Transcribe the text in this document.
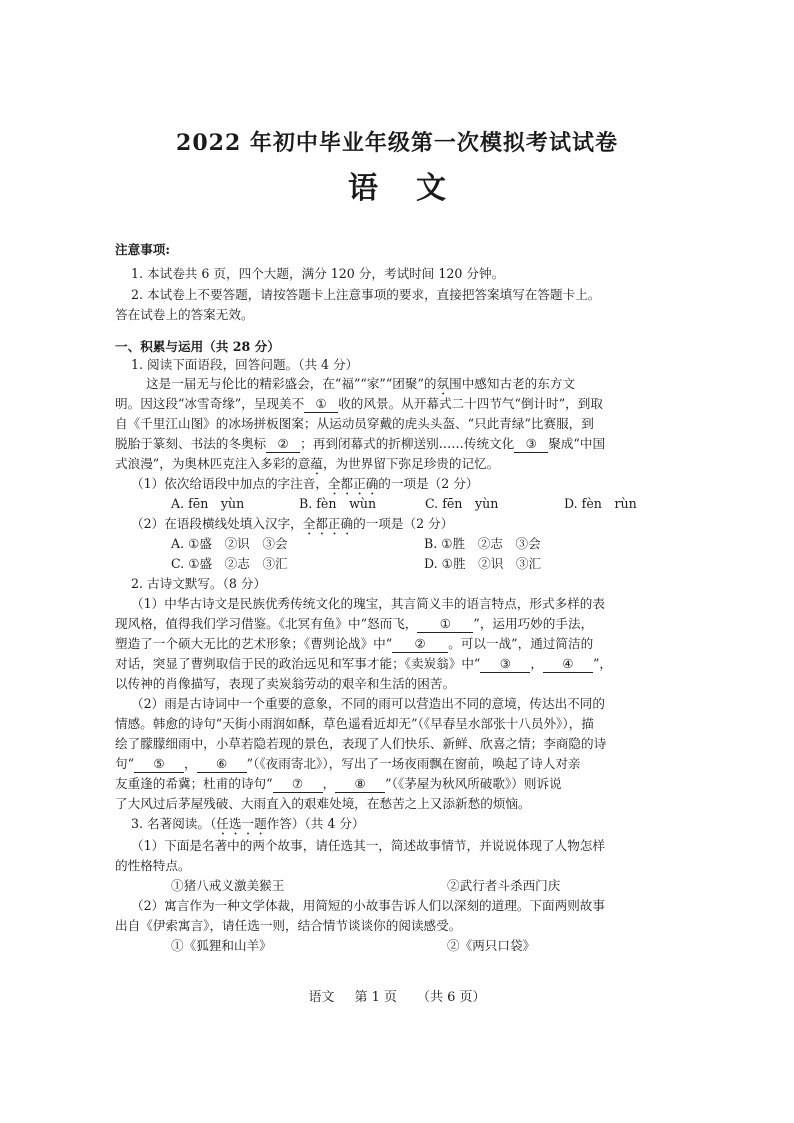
2022 年初中毕业年级第一次模拟考试试卷
语文
注意事项:
1. 本试卷共 6 页，四个大题，满分 120 分，考试时间 120 分钟。
2. 本试卷上不要答题，请按答题卡上注意事项的要求，直接把答案填写在答题卡上。
答在试卷上的答案无效。
一、积累与运用（共 28 分）
1. 阅读下面语段，回答问题。（共 4 分）
这是一届无与伦比的精彩盛会，在“福”“家”“团聚”的氛围中感知古老的东方文
明。因这段“冰雪奇缘”，呈现美不 ① 收的风景。从开幕式二十四节气“倒计时”，到取
自《千里江山图》的冰场拼板图案；从运动员穿戴的虎头头盔、“只此青绿”比赛服，到
脱胎于篆刻、书法的冬奥标 ② ；再到闭幕式的折柳送别……传统文化 ③ 聚成“中国
式浪漫”，为奥林匹克注入多彩的意蕴，为世界留下弥足珍贵的记忆。
（1）依次给语段中加点的字注音，全都正确的一项是（2 分）
A. fēn　yùn	B. fèn　wùn	C. fēn　yùn	D. fèn　rùn
（2）在语段横线处填入汉字，全都正确的一项是（2 分）
A. ①盛　②识　③会	B. ①胜　②志　③会
C. ①盛　②志　③汇	D. ①胜　②识　③汇
2. 古诗文默写。（8 分）
（1）中华古诗文是民族优秀传统文化的瑰宝，其言简义丰的语言特点，形式多样的表
现风格，值得我们学习借鉴。《北冥有鱼》中“怒而飞， ① ”，运用巧妙的手法，
塑造了一个硕大无比的艺术形象；《曹刿论战》中“ ② 。可以一战”，通过简洁的
对话，突显了曹刿取信于民的政治远见和军事才能；《卖炭翁》中“ ③ ， ④ ”，
以传神的肖像描写，表现了卖炭翁劳动的艰辛和生活的困苦。
（2）雨是古诗词中一个重要的意象，不同的雨可以营造出不同的意境，传达出不同的
情感。韩愈的诗句“天街小雨润如酥，草色遥看近却无”（《早春呈水部张十八员外》），描
绘了朦朦细雨中，小草若隐若现的景色，表现了人们快乐、新鲜、欣喜之情；李商隐的诗
句“ ⑤ ， ⑥ ”（《夜雨寄北》），写出了一场夜雨飘在窗前，唤起了诗人对亲
友重逢的希冀；杜甫的诗句“ ⑦ ， ⑧ ”（《茅屋为秋风所破歌》）则诉说
了大风过后茅屋残破、大雨直入的艰难处境，在愁苦之上又添新愁的烦恼。
3. 名著阅读。（任选一题作答）（共 4 分）
（1）下面是名著中的两个故事，请任选其一，简述故事情节，并说说体现了人物怎样
的性格特点。
①猪八戒义激美猴王	②武行者斗杀西门庆
（2）寓言作为一种文学体裁，用简短的小故事告诉人们以深刻的道理。下面两则故事
出自《伊索寓言》，请任选一则，结合情节谈谈你的阅读感受。
①《狐狸和山羊》	②《两只口袋》
语文 第 1 页 （共 6 页）
